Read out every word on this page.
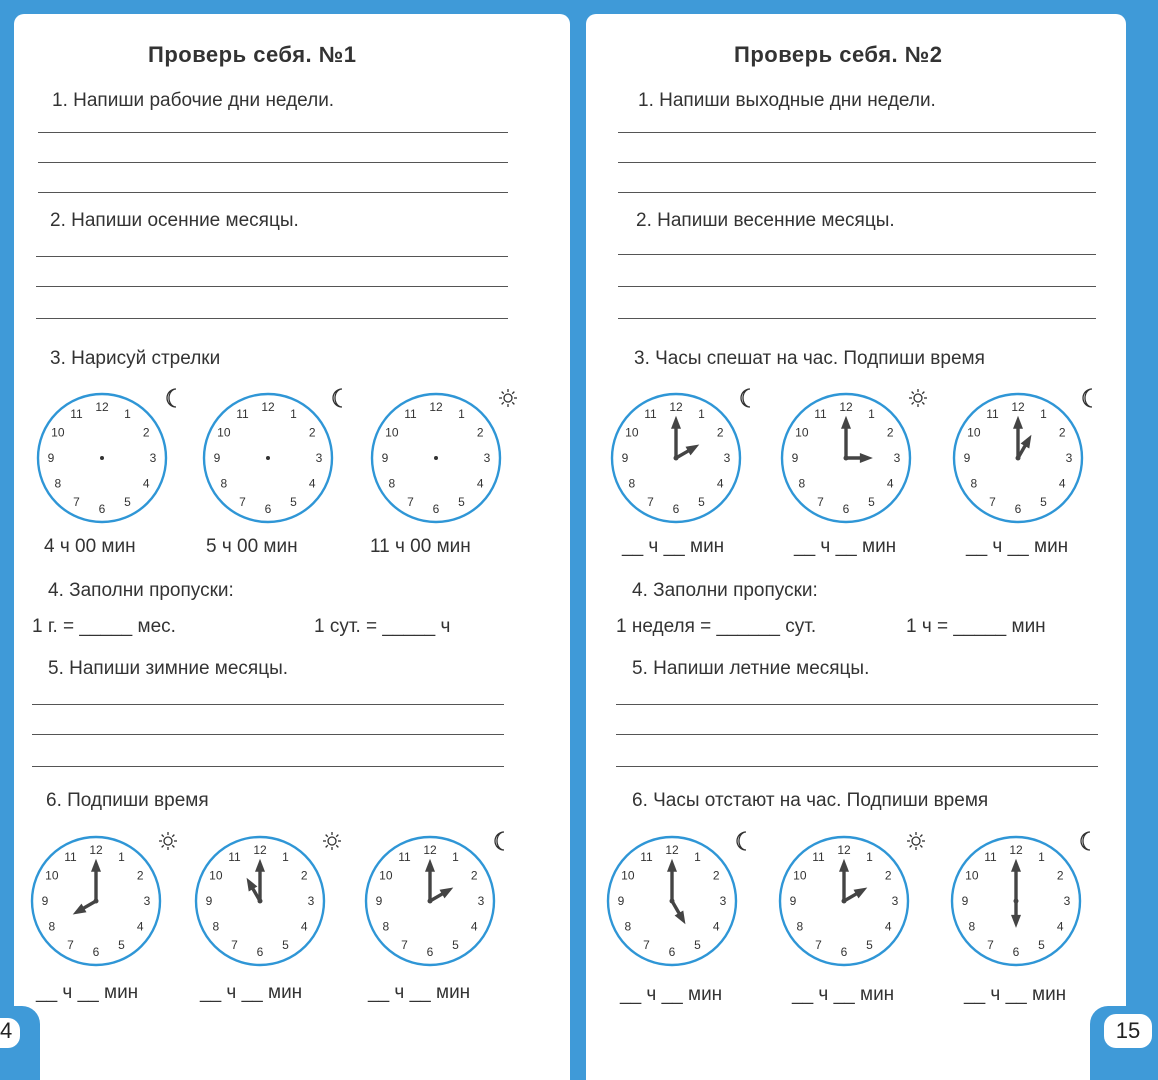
Проверь себя. №1
1. Напиши рабочие дни недели.
2. Напиши осенние месяцы.
3. Нарисуй стрелки
12 1
2
3
4
5
6
7
8
9
10
11	12 1
2
3
4
5
6
7
8
9
10
11	12 1
2
3
4
5
6
7
8
9
10
11
4 ч 00 мин	5 ч 00 мин	11 ч 00 мин
4. Заполни пропуски:
1 г. = _____ мес.	1 сут. = _____ ч
5. Напиши зимние месяцы.
6. Подпиши время
12 1
2
3
4
5
6
7
8
9
10
11	12 1
2
3
4
5
6
7
8
9
10
11	12 1
2
3
4
5
6
7
8
9
10
11
__ ч __ мин	__ ч __ мин	__ ч __ мин
Проверь себя. №2
1. Напиши выходные дни недели.
2. Напиши весенние месяцы.
3. Часы спешат на час. Подпиши время
12 1
2
3
4
5
6
7
8
9
10
11	12 1
2
3
4
5
6
7
8
9
10
11	12 1
2
3
4
5
6
7
8
9
10
11
__ ч __ мин	__ ч __ мин	__ ч __ мин
4. Заполни пропуски:
1 неделя = ______ сут.	1 ч = _____ мин
5. Напиши летние месяцы.
6. Часы отстают на час. Подпиши время
12 1
2
3
4
5
6
7
8
9
10
11	12 1
2
3
4
5
6
7
8
9
10
11	12 1
2
3
4
5
6
7
8
9
10
11
__ ч __ мин	__ ч __ мин	__ ч __ мин
4	15
